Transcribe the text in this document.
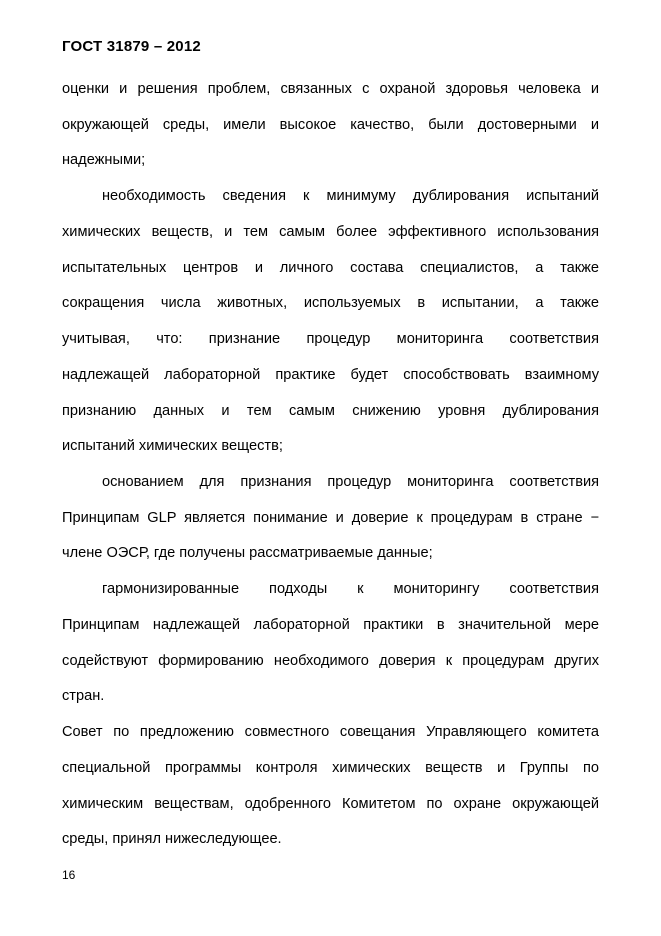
ГОСТ 31879 – 2012
оценки и решения проблем, связанных с охраной здоровья человека и
окружающей среды, имели высокое качество, были достоверными и
надежными;
необходимость сведения к минимуму дублирования испытаний
химических веществ, и тем самым более эффективного использования
испытательных центров и личного состава специалистов, а также
сокращения числа животных, используемых в испытании, а также
учитывая, что: признание процедур мониторинга соответствия
надлежащей лабораторной практике будет способствовать взаимному
признанию данных и тем самым снижению уровня дублирования
испытаний химических веществ;
основанием для признания процедур мониторинга соответствия
Принципам GLP является понимание и доверие к процедурам в стране −
члене ОЭСР, где получены рассматриваемые данные;
гармонизированные подходы к мониторингу соответствия
Принципам надлежащей лабораторной практики в значительной мере
содействуют формированию необходимого доверия к процедурам других
стран.
Совет по предложению совместного совещания Управляющего комитета
специальной программы контроля химических веществ и Группы по
химическим веществам, одобренного Комитетом по охране окружающей
среды, принял нижеследующее.
16
